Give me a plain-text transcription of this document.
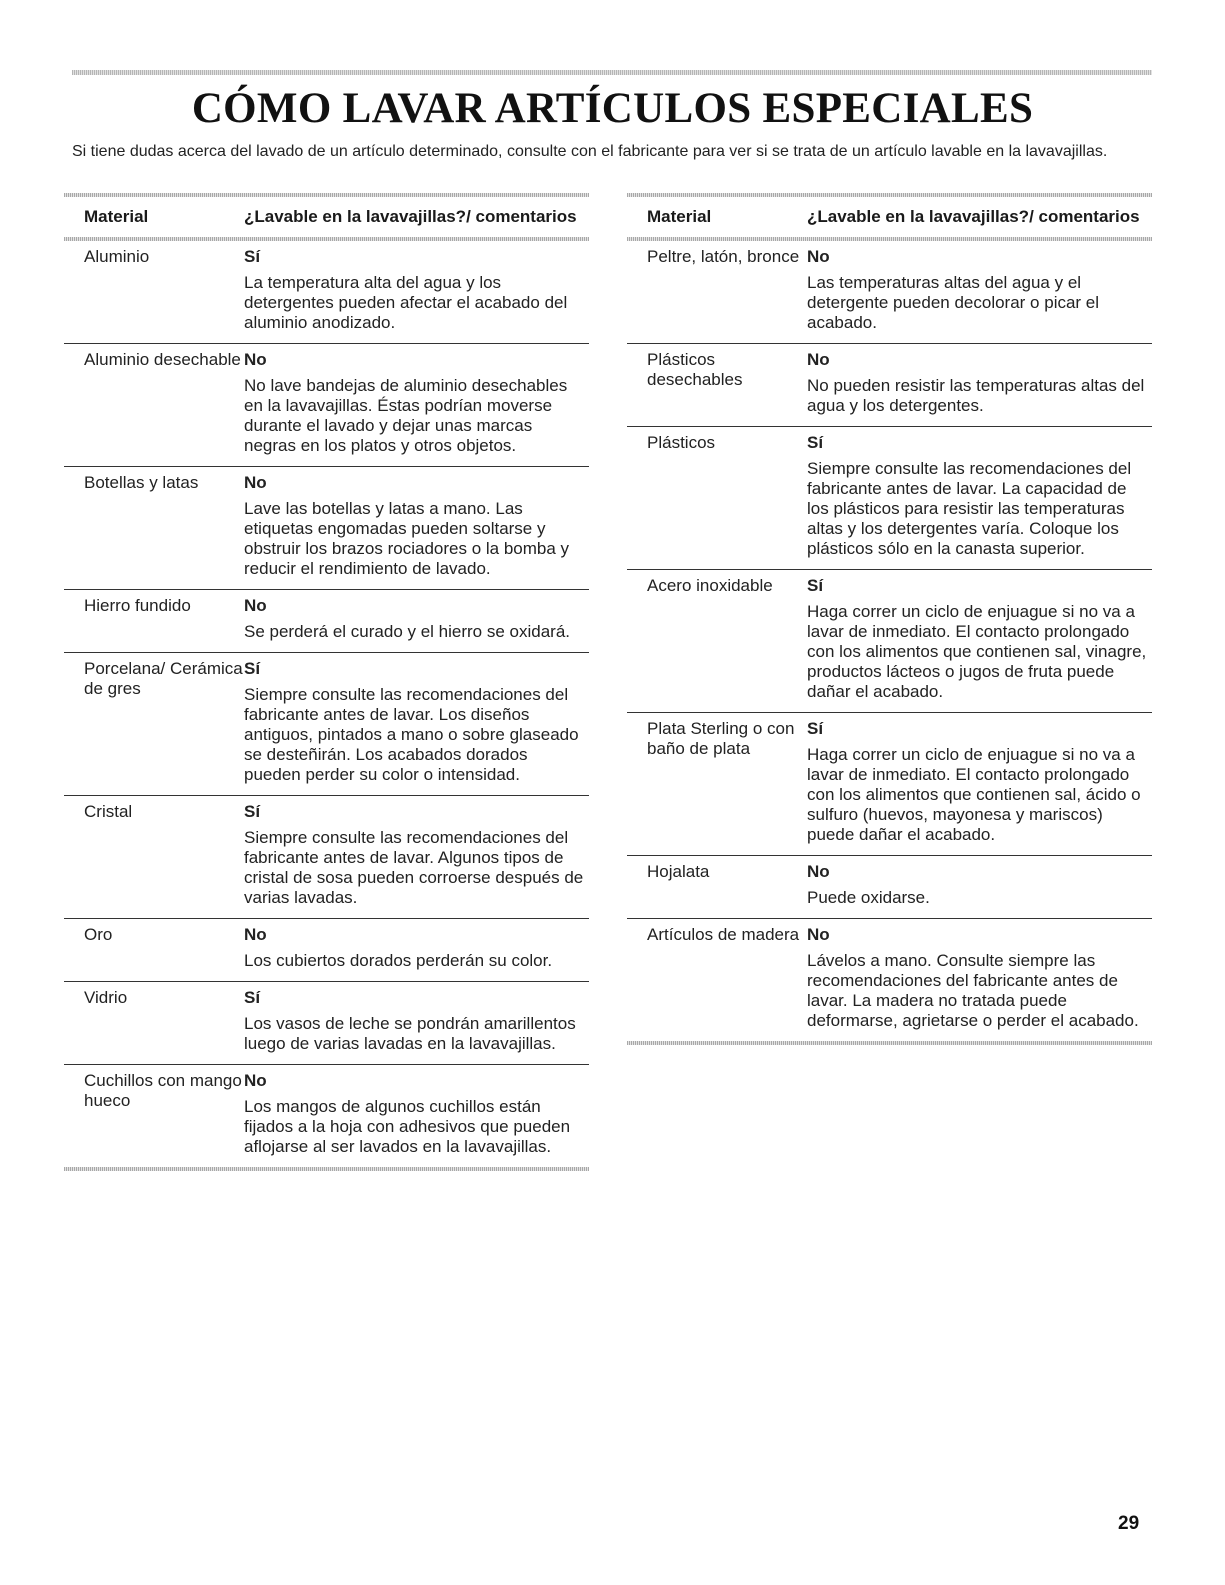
CÓMO LAVAR ARTÍCULOS ESPECIALES

Si tiene dudas acerca del lavado de un artículo determinado, consulte con el fabricante para ver si se trata de un artículo lavable en la lavavajillas.

Material	¿Lavable en la lavavajillas?/ comentarios
Aluminio	Sí
La temperatura alta del agua y los detergentes pueden afectar el acabado del aluminio anodizado.
Aluminio desechable No
No lave bandejas de aluminio desechables en la lavavajillas. Éstas podrían moverse durante el lavado y dejar unas marcas negras en los platos y otros objetos.
Botellas y latas	No
Lave las botellas y latas a mano. Las etiquetas engomadas pueden soltarse y obstruir los brazos rociadores o la bomba y reducir el rendimiento de lavado.
Hierro fundido	No
Se perderá el curado y el hierro se oxidará.
Porcelana/ Cerámica de gres
Sí
Siempre consulte las recomendaciones del fabricante antes de lavar. Los diseños antiguos, pintados a mano o sobre glaseado se desteñirán. Los acabados dorados pueden perder su color o intensidad.
Cristal	Sí
Siempre consulte las recomendaciones del fabricante antes de lavar. Algunos tipos de cristal de sosa pueden corroerse después de varias lavadas.
Oro	No
Los cubiertos dorados perderán su color.
Vidrio	Sí
Los vasos de leche se pondrán amarillentos luego de varias lavadas en la lavavajillas.
Cuchillos con mango hueco
No
Los mangos de algunos cuchillos están fijados a la hoja con adhesivos que pueden aflojarse al ser lavados en la lavavajillas.
Material	¿Lavable en la lavavajillas?/ comentarios
Peltre, latón, bronce No
Las temperaturas altas del agua y el detergente pueden decolorar o picar el acabado.
Plásticos desechables
No
No pueden resistir las temperaturas altas del agua y los detergentes.
Plásticos	Sí
Siempre consulte las recomendaciones del fabricante antes de lavar. La capacidad de los plásticos para resistir las temperaturas altas y los detergentes varía. Coloque los plásticos sólo en la canasta superior.
Acero inoxidable	Sí
Haga correr un ciclo de enjuague si no va a lavar de inmediato. El contacto prolongado con los alimentos que contienen sal, vinagre, productos lácteos o jugos de fruta puede dañar el acabado.
Plata Sterling o con baño de plata
Sí
Haga correr un ciclo de enjuague si no va a lavar de inmediato. El contacto prolongado con los alimentos que contienen sal, ácido o sulfuro (huevos, mayonesa y mariscos) puede dañar el acabado.
Hojalata	No
Puede oxidarse.
Artículos de madera No
Lávelos a mano. Consulte siempre las recomendaciones del fabricante antes de lavar. La madera no tratada puede deformarse, agrietarse o perder el acabado.
29
